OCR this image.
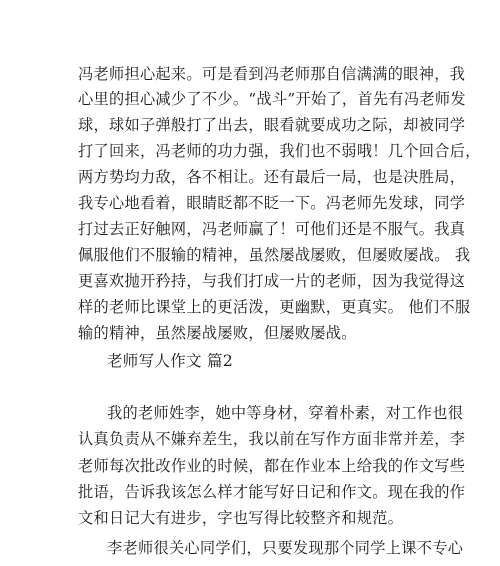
冯老师担心起来。可是看到冯老师那自信满满的眼神，我
心里的担心减少了不少。“战斗”开始了，首先有冯老师发
球，球如子弹般打了出去，眼看就要成功之际，却被同学
打了回来，冯老师的功力强，我们也不弱哦！几个回合后，
两方势均力敌，各不相让。还有最后一局，也是决胜局，
我专心地看着，眼睛眨都不眨一下。冯老师先发球，同学
打过去正好触网，冯老师赢了！可他们还是不服气。我真
佩服他们不服输的精神，虽然屡战屡败，但屡败屡战。 我
更喜欢抛开矜持，与我们打成一片的老师，因为我觉得这
样的老师比课堂上的更活泼，更幽默，更真实。 他们不服
输的精神，虽然屡战屡败，但屡败屡战。
老师写人作文 篇2
我的老师姓李，她中等身材，穿着朴素，对工作也很
认真负责从不嫌弃差生，我以前在写作方面非常并差，李
老师每次批改作业的时候，都在作业本上给我的作文写些
批语，告诉我该怎么样才能写好日记和作文。现在我的作
文和日记大有进步，字也写得比较整齐和规范。
李老师很关心同学们，只要发现那个同学上课不专心
